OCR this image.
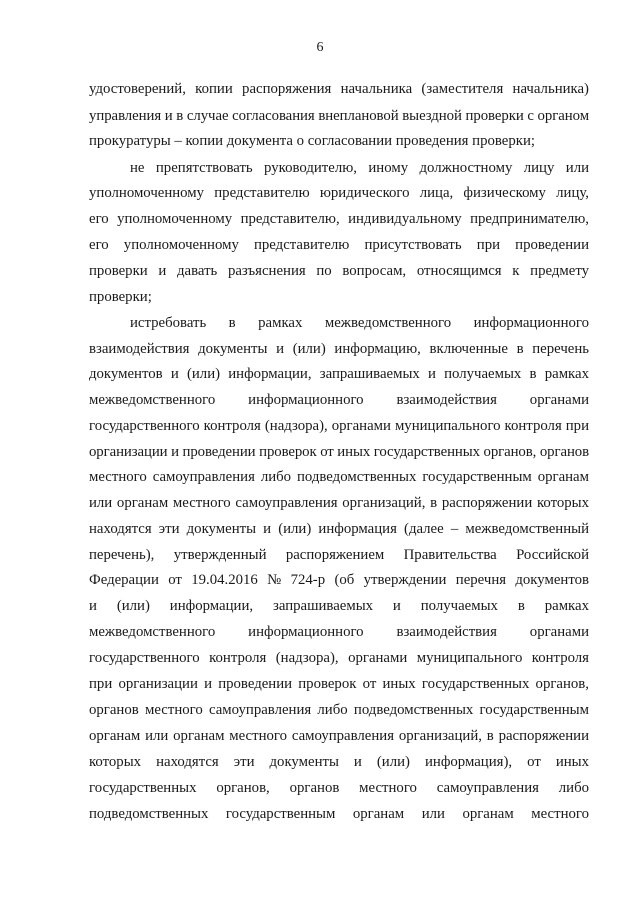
6
удостоверений, копии распоряжения начальника (заместителя начальника)
управления и в случае согласования внеплановой выездной проверки с органом
прокуратуры – копии документа о согласовании проведения проверки;
не препятствовать руководителю, иному должностному лицу или
уполномоченному представителю юридического лица, физическому лицу,
его уполномоченному представителю, индивидуальному предпринимателю,
его уполномоченному представителю присутствовать при проведении
проверки и давать разъяснения по вопросам, относящимся к предмету
проверки;
истребовать в рамках межведомственного информационного
взаимодействия документы и (или) информацию, включенные в перечень
документов и (или) информации, запрашиваемых и получаемых в рамках
межведомственного информационного взаимодействия органами
государственного контроля (надзора), органами муниципального контроля при
организации и проведении проверок от иных государственных органов, органов
местного самоуправления либо подведомственных государственным органам
или органам местного самоуправления организаций, в распоряжении которых
находятся эти документы и (или) информация (далее – межведомственный
перечень), утвержденный распоряжением Правительства Российской
Федерации от 19.04.2016 № 724-р (об утверждении перечня документов
и (или) информации, запрашиваемых и получаемых в рамках
межведомственного информационного взаимодействия органами
государственного контроля (надзора), органами муниципального контроля
при организации и проведении проверок от иных государственных органов,
органов местного самоуправления либо подведомственных государственным
органам или органам местного самоуправления организаций, в распоряжении
которых находятся эти документы и (или) информация), от иных
государственных органов, органов местного самоуправления либо
подведомственных государственным органам или органам местного
